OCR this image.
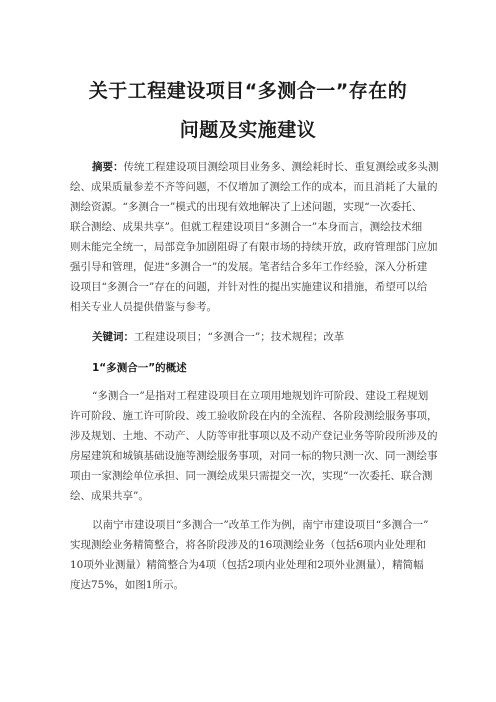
关于工程建设项目“多测合一”存在的
问题及实施建议
摘要：传统工程建设项目测绘项目业务多、测绘耗时长、重复测绘或多头测
绘、成果质量参差不齐等问题，不仅增加了测绘工作的成本，而且消耗了大量的
测绘资源。“多测合一”模式的出现有效地解决了上述问题，实现“一次委托、
联合测绘、成果共享”。但就工程建设项目“多测合一”本身而言，测绘技术细
则未能完全统一，局部竞争加剧阻碍了有限市场的持续开放，政府管理部门应加
强引导和管理，促进“多测合一”的发展。笔者结合多年工作经验，深入分析建
设项目“多测合一”存在的问题，并针对性的提出实施建议和措施，希望可以给
相关专业人员提供借鉴与参考。
关键词：工程建设项目；“多测合一”；技术规程；改革
1“多测合一”的概述
“多测合一”是指对工程建设项目在立项用地规划许可阶段、建设工程规划
许可阶段、施工许可阶段、竣工验收阶段在内的全流程、各阶段测绘服务事项，
涉及规划、土地、不动产、人防等审批事项以及不动产登记业务等阶段所涉及的
房屋建筑和城镇基础设施等测绘服务事项，对同一标的物只测一次、同一测绘事
项由一家测绘单位承担、同一测绘成果只需提交一次，实现“一次委托、联合测
绘、成果共享”。
以南宁市建设项目“多测合一”改革工作为例，南宁市建设项目“多测合一”
实现测绘业务精简整合，将各阶段涉及的16项测绘业务（包括6项内业处理和
10项外业测量）精简整合为4项（包括2项内业处理和2项外业测量），精简幅
度达75%，如图1所示。
